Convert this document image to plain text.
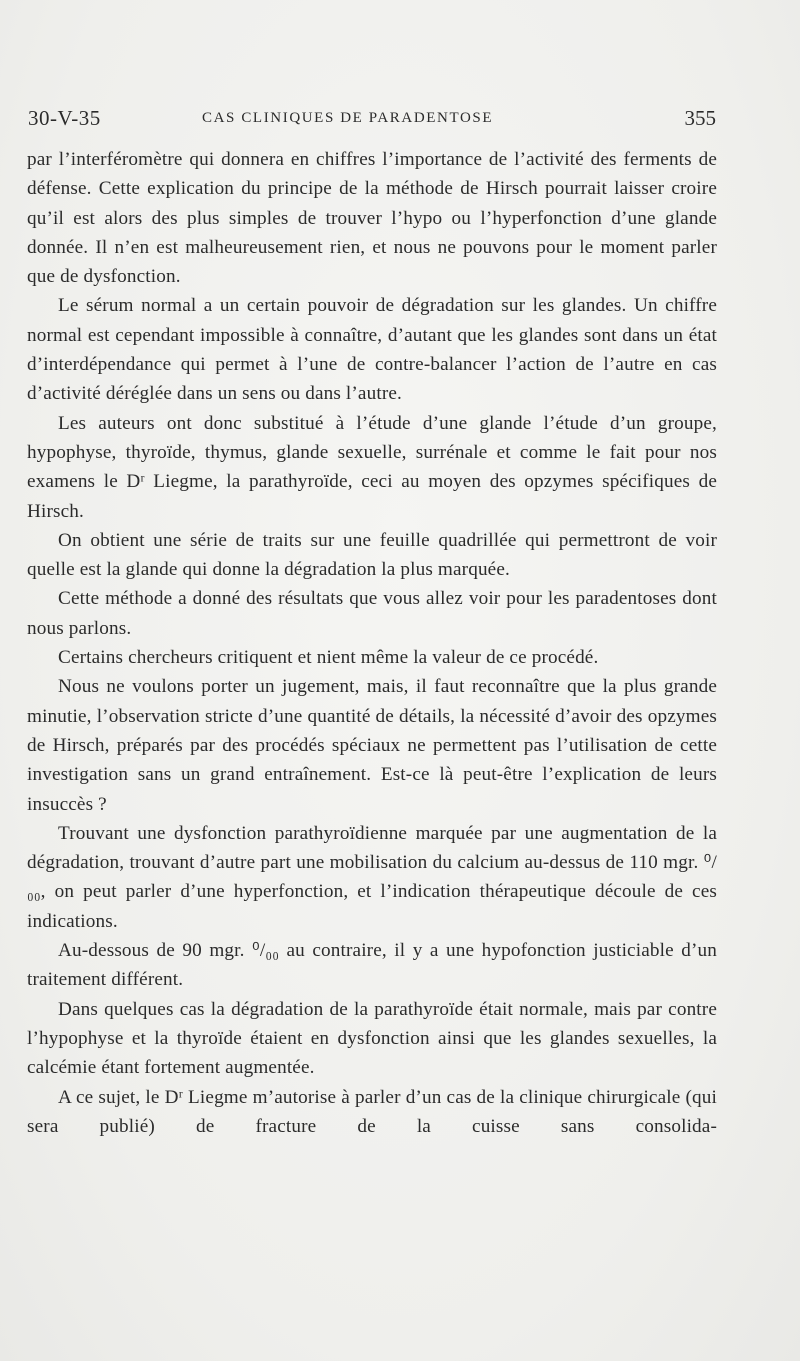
30-V-35	CAS CLINIQUES DE PARADENTOSE	355

par l’interféromètre qui donnera en chiffres l’importance de l’activité des ferments de défense. Cette explication du principe de la méthode de Hirsch pourrait laisser croire qu’il est alors des plus simples de trouver l’hypo ou l’hyperfonction d’une glande donnée. Il n’en est malheureusement rien, et nous ne pouvons pour le moment parler que de dysfonction.

Le sérum normal a un certain pouvoir de dégradation sur les glandes. Un chiffre normal est cependant impossible à connaître, d’autant que les glandes sont dans un état d’interdépendance qui permet à l’une de contre-balancer l’action de l’autre en cas d’activité déréglée dans un sens ou dans l’autre.

Les auteurs ont donc substitué à l’étude d’une glande l’étude d’un groupe, hypophyse, thyroïde, thymus, glande sexuelle, surrénale et comme le fait pour nos examens le Dʳ Liegme, la parathyroïde, ceci au moyen des opzymes spécifiques de Hirsch.

On obtient une série de traits sur une feuille quadrillée qui permettront de voir quelle est la glande qui donne la dégradation la plus marquée.

Cette méthode a donné des résultats que vous allez voir pour les paradentoses dont nous parlons.

Certains chercheurs critiquent et nient même la valeur de ce procédé.

Nous ne voulons porter un jugement, mais, il faut reconnaître que la plus grande minutie, l’observation stricte d’une quantité de détails, la nécessité d’avoir des opzymes de Hirsch, préparés par des procédés spéciaux ne permettent pas l’utilisation de cette investigation sans un grand entraînement. Est-ce là peut-être l’explication de leurs insuccès ?

Trouvant une dysfonction parathyroïdienne marquée par une augmentation de la dégradation, trouvant d’autre part une mobilisation du calcium au-dessus de 110 mgr. ⁰/₀₀, on peut parler d’une hyperfonction, et l’indication thérapeutique découle de ces indications.

Au-dessous de 90 mgr. ⁰/₀₀ au contraire, il y a une hypofonction justiciable d’un traitement différent.

Dans quelques cas la dégradation de la parathyroïde était normale, mais par contre l’hypophyse et la thyroïde étaient en dysfonction ainsi que les glandes sexuelles, la calcémie étant fortement augmentée.

A ce sujet, le Dʳ Liegme m’autorise à parler d’un cas de la clinique chirurgicale (qui sera publié) de fracture de la cuisse sans consolida-
